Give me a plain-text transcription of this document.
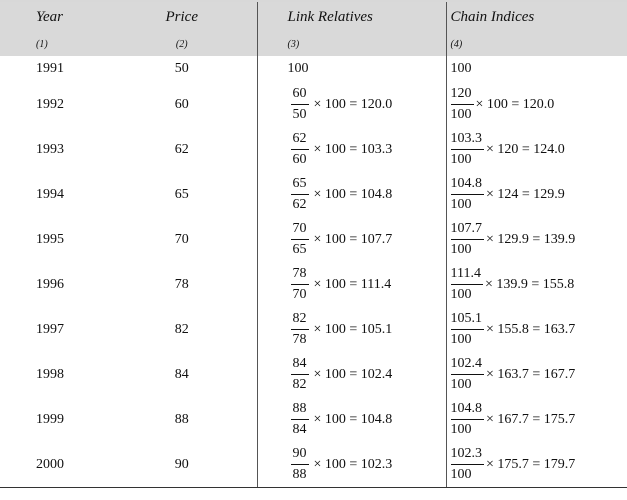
Year	Price	Link Relatives	Chain Indices
(1)	(2)	(3)	(4)
1991	50	100	100
1992	60	$\frac{60}{50} \times 100 = 120.0$	$\frac{120}{100} \times 100 = 120.0$

1993	62	$\frac{62}{60} \times 100 = 103.3$	$\frac{103.3}{100} \times 120 = 124.0$

1994	65	$\frac{65}{62} \times 100 = 104.8$	$\frac{104.8}{100} \times 124 = 129.9$

1995	70	$\frac{70}{65} \times 100 = 107.7$	$\frac{107.7}{100} \times 129.9 = 139.9$

1996	78	$\frac{78}{70} \times 100 = 111.4$	$\frac{111.4}{100} \times 139.9 = 155.8$

1997	82	$\frac{82}{78} \times 100 = 105.1$	$\frac{105.1}{100} \times 155.8 = 163.7$

1998	84	$\frac{84}{82} \times 100 = 102.4$	$\frac{102.4}{100} \times 163.7 = 167.7$

1999	88	$\frac{88}{84} \times 100 = 104.8$	$\frac{104.8}{100} \times 167.7 = 175.7$

2000	90	$\frac{90}{88} \times 100 = 102.3$	$\frac{102.3}{100} \times 175.7 = 179.7$
